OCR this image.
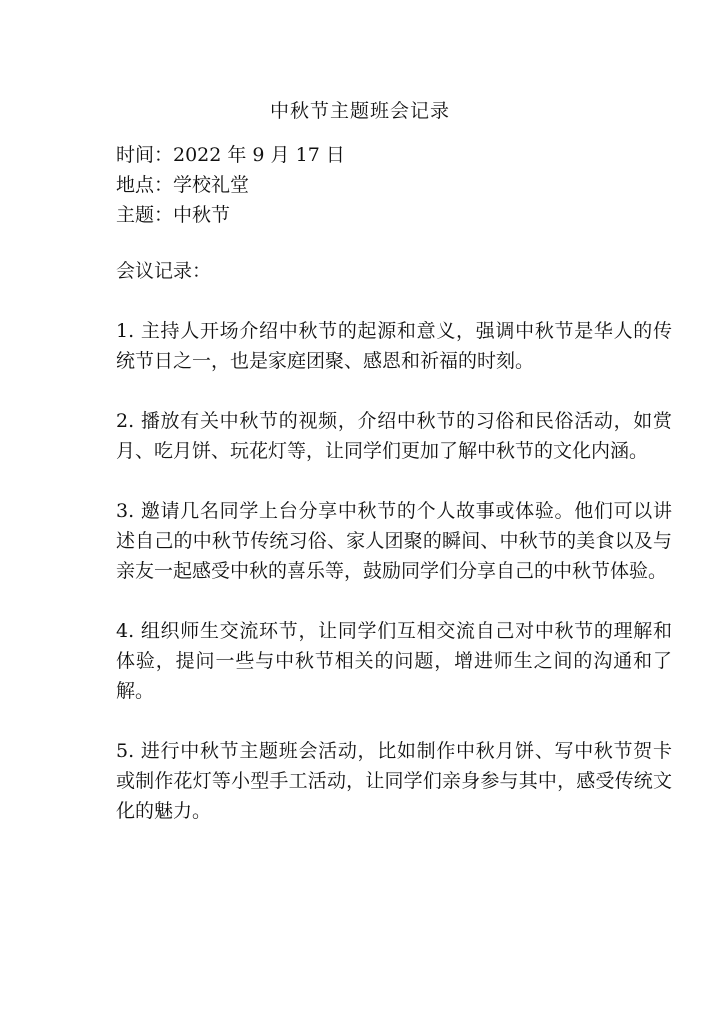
中秋节主题班会记录
时间：2022 年 9 月 17 日
地点：学校礼堂
主题：中秋节
会议记录：

1. 主持人开场介绍中秋节的起源和意义，强调中秋节是华人的传统节日之一，也是家庭团聚、感恩和祈福的时刻。

2. 播放有关中秋节的视频，介绍中秋节的习俗和民俗活动，如赏月、吃月饼、玩花灯等，让同学们更加了解中秋节的文化内涵。

3. 邀请几名同学上台分享中秋节的个人故事或体验。他们可以讲述自己的中秋节传统习俗、家人团聚的瞬间、中秋节的美食以及与亲友一起感受中秋的喜乐等，鼓励同学们分享自己的中秋节体验。

4. 组织师生交流环节，让同学们互相交流自己对中秋节的理解和体验，提问一些与中秋节相关的问题，增进师生之间的沟通和了解。

5. 进行中秋节主题班会活动，比如制作中秋月饼、写中秋节贺卡或制作花灯等小型手工活动，让同学们亲身参与其中，感受传统文化的魅力。
